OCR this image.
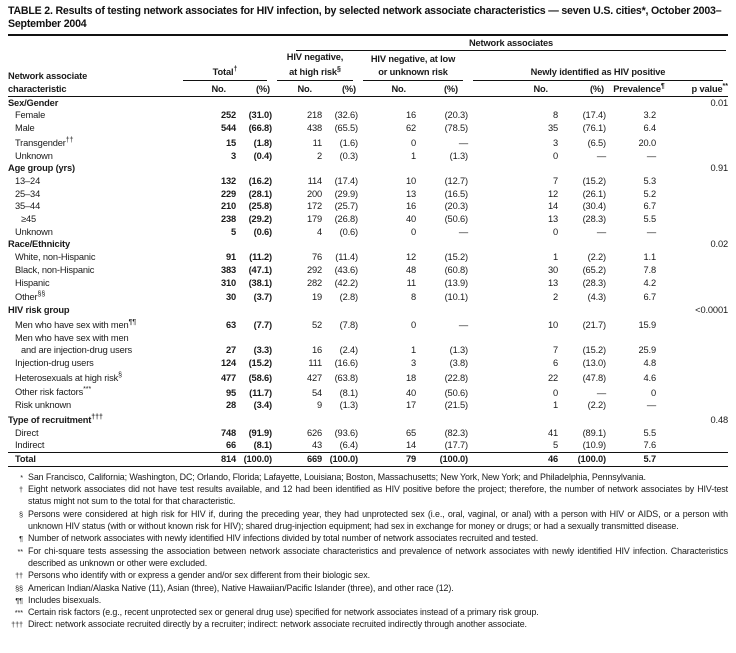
TABLE 2. Results of testing network associates for HIV infection, by selected network associate characteristics — seven U.S. cities*, October 2003–September 2004

			Network associates							

Network associate
characteristic

Total†

HIV negative,
at high risk§

HIV negative, at low
or unknown risk	Newly identified as HIV positive

	No.	(%)	No.	(%)	No.	(%)	No.	(%)	Prevalence¶	p value**
Sex/Gender										0.01
Female	252	(31.0)	218	(32.6)	16	(20.3)	8	(17.4)	3.2	
Male	544	(66.8)	438	(65.5)	62	(78.5)	35	(76.1)	6.4	
Transgender††	15	(1.8)	11	(1.6)	0	—	3	(6.5)	20.0	
Unknown	3	(0.4)	2	(0.3)	1	(1.3)	0	—	—	
Age group (yrs)										0.91
13–24	132	(16.2)	114	(17.4)	10	(12.7)	7	(15.2)	5.3	
25–34	229	(28.1)	200	(29.9)	13	(16.5)	12	(26.1)	5.2	
35–44	210	(25.8)	172	(25.7)	16	(20.3)	14	(30.4)	6.7	
≥45	238	(29.2)	179	(26.8)	40	(50.6)	13	(28.3)	5.5	
Unknown	5	(0.6)	4	(0.6)	0	—	0	—	—	
Race/Ethnicity										0.02
White, non-Hispanic	91	(11.2)	76	(11.4)	12	(15.2)	1	(2.2)	1.1	
Black, non-Hispanic	383	(47.1)	292	(43.6)	48	(60.8)	30	(65.2)	7.8	
Hispanic	310	(38.1)	282	(42.2)	11	(13.9)	13	(28.3)	4.2	
Other§§	30	(3.7)	19	(2.8)	8	(10.1)	2	(4.3)	6.7	
HIV risk group										<0.0001
Men who have sex with men¶¶	63	(7.7)	52	(7.8)	0	—	10	(21.7)	15.9	
Men who have sex with men										
and are injection-drug users	27	(3.3)	16	(2.4)	1	(1.3)	7	(15.2)	25.9	
Injection-drug users	124	(15.2)	111	(16.6)	3	(3.8)	6	(13.0)	4.8	
Heterosexuals at high risk§	477	(58.6)	427	(63.8)	18	(22.8)	22	(47.8)	4.6	
Other risk factors***	95	(11.7)	54	(8.1)	40	(50.6)	0	—	0	
Risk unknown	28	(3.4)	9	(1.3)	17	(21.5)	1	(2.2)	—	
Type of recruitment†††										0.48
Direct	748	(91.9)	626	(93.6)	65	(82.3)	41	(89.1)	5.5	
Indirect	66	(8.1)	43	(6.4)	14	(17.7)	5	(10.9)	7.6	
Total	814	(100.0)	669	(100.0)	79	(100.0)	46	(100.0)	5.7	
* San Francisco, California; Washington, DC; Orlando, Florida; Lafayette, Louisiana; Boston, Massachusetts; New York, New York; and Philadelphia, Pennsylvania.
† Eight network associates did not have test results available, and 12 had been identified as HIV positive before the project; therefore, the number of network associates by HIV-test status might not sum to the total for that characteristic.
§ Persons were considered at high risk for HIV if, during the preceding year, they had unprotected sex (i.e., oral, vaginal, or anal) with a person with HIV or AIDS, or a person with unknown HIV status (with or without known risk for HIV); shared drug-injection equipment; had sex in exchange for money or drugs; or had a sexually transmitted disease.
¶ Number of network associates with newly identified HIV infections divided by total number of network associates recruited and tested.
** For chi-square tests assessing the association between network associate characteristics and prevalence of network associates with newly identified HIV infection. Characteristics described as unknown or other were excluded.
†† Persons who identify with or express a gender and/or sex different from their biologic sex.
§§ American Indian/Alaska Native (11), Asian (three), Native Hawaiian/Pacific Islander (three), and other race (12).
¶¶ Includes bisexuals.
*** Certain risk factors (e.g., recent unprotected sex or general drug use) specified for network associates instead of a primary risk group.
††† Direct: network associate recruited directly by a recruiter; indirect: network associate recruited indirectly through another associate.
